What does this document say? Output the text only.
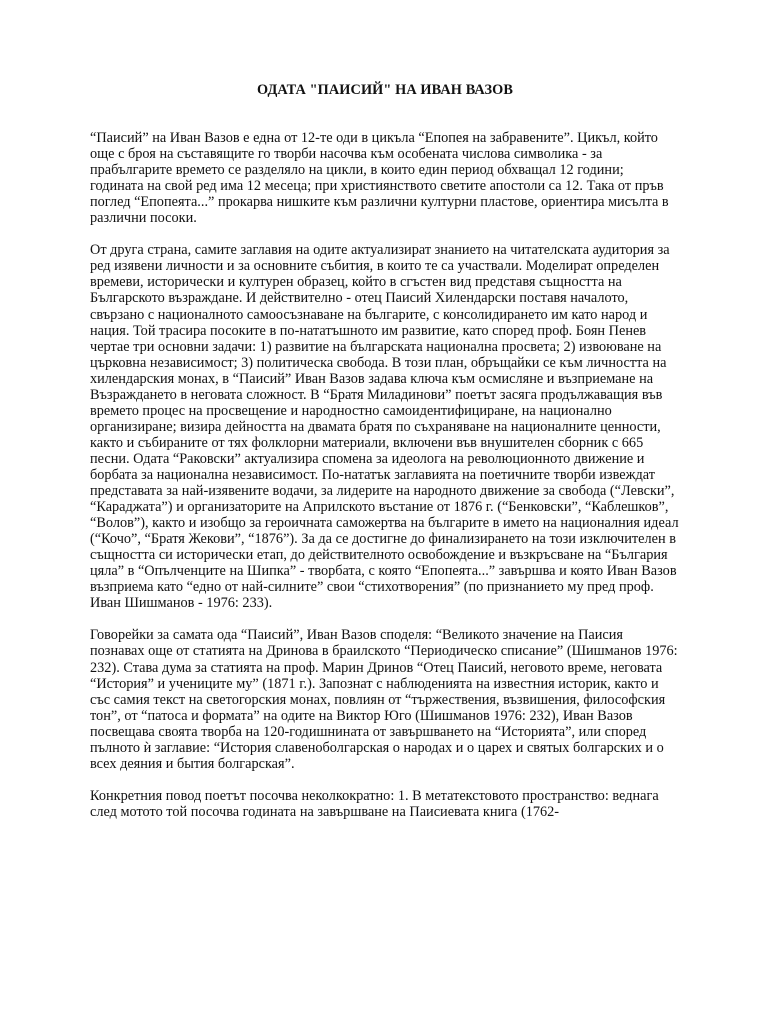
ОДАТА "ПАИСИЙ" НА ИВАН ВАЗОВ

“Паисий” на Иван Вазов е една от 12-те оди в цикъла “Епопея на забравените”. Цикъл, който още с броя на съставящите го творби насочва към особената числова символика - за прабългарите времето се разделяло на цикли, в които един период обхващал 12 години; годината на свой ред има 12 месеца; при християнството светите апостоли са 12. Така от пръв поглед “Епопеята...” прокарва нишките към различни културни пластове, ориентира мисълта в различни посоки.

От друга страна, самите заглавия на одите актуализират знанието на читателската аудитория за ред изявени личности и за основните събития, в които те са участвали. Моделират определен времеви, исторически и културен образец, който в сгъстен вид представя същността на Българското възраждане. И действително - отец Паисий Хилендарски поставя началото, свързано с националното самоосъзнаване на българите, с консолидирането им като народ и нация. Той трасира посоките в по-нататъшното им развитие, като според проф. Боян Пенев чертае три основни задачи: 1) развитие на българската национална просвета; 2) извоюване на църковна независимост; 3) политическа свобода. В този план, обръщайки се към личността на хилендарския монах, в “Паисий” Иван Вазов задава ключа към осмисляне и възприемане на Възраждането в неговата сложност. В “Братя Миладинови” поетът засяга продължаващия във времето процес на просвещение и народностно самоидентифициране, на национално организиране; визира дейността на двамата братя по съхраняване на националните ценности, както и събираните от тях фолклорни материали, включени във внушителен сборник с 665 песни. Одата “Раковски” актуализира спомена за идеолога на революционното движение и борбата за национална независимост. По-нататък заглавията на поетичните творби извеждат представата за най-изявените водачи, за лидерите на народното движение за свобода (“Левски”, “Караджата”) и организаторите на Априлското въстание от 1876 г. (“Бенковски”, “Каблешков”, “Волов”), както и изобщо за героичната саможертва на българите в името на националния идеал (“Кочо”, “Братя Жекови”, “1876”). За да се достигне до финализирането на този изключителен в същността си исторически етап, до действителното освобождение и възкръсване на “България цяла” в “Опълченците на Шипка” - творбата, с която “Епопеята...” завършва и която Иван Вазов възприема като “едно от най-силните” свои “стихотворения” (по признанието му пред проф. Иван Шишманов - 1976: 233).

Говорейки за самата ода “Паисий”, Иван Вазов споделя: “Великото значение на Паисия познавах още от статията на Дринова в браилското “Периодическо списание” (Шишманов 1976: 232). Става дума за статията на проф. Марин Дринов “Отец Паисий, неговото време, неговата “История” и учениците му” (1871 г.). Запознат с наблюденията на известния историк, както и със самия текст на светогорския монах, повлиян от “тържествения, възвишения, философския тон”, от “патоса и формата” на одите на Виктор Юго (Шишманов 1976: 232), Иван Вазов посвещава своята творба на 120-годишнината от завършването на “Историята”, или според пълното ѝ заглавие: “История славеноболгарская о народах и о царех и святых болгарских и о всех деяния и бытия болгарская”.

Конкретния повод поетът посочва неколкократно: 1. В метатекстовото пространство: веднага след мотото той посочва годината на завършване на Паисиевата книга (1762-
